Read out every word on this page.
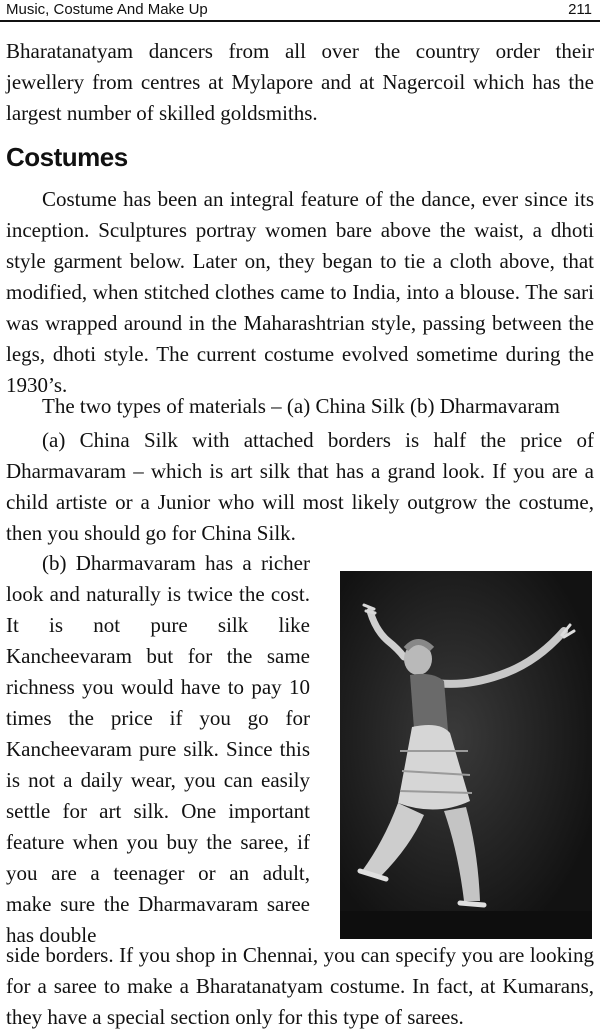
Music, Costume And Make Up	211

Bharatanatyam dancers from all over the country order their jewellery from centres at Mylapore and at Nagercoil which has the largest number of skilled goldsmiths.

Costumes

Costume has been an integral feature of the dance, ever since its inception. Sculptures portray women bare above the waist, a dhoti style garment below. Later on, they began to tie a cloth above, that modified, when stitched clothes came to India, into a blouse. The sari was wrapped around in the Maharashtrian style, passing between the legs, dhoti style. The current costume evolved sometime during the 1930’s.

The two types of materials – (a) China Silk (b) Dharmavaram

(a) China Silk with attached borders is half the price of Dharmavaram – which is art silk that has a grand look. If you are a child artiste or a Junior who will most likely outgrow the costume, then you should go for China Silk.

(b) Dharmavaram has a richer look and naturally is twice the cost. It is not pure silk like Kancheevaram but for the same richness you would have to pay 10 times the price if you go for Kancheevaram pure silk. Since this is not a daily wear, you can easily settle for art silk. One important feature when you buy the saree, if you are a teenager or an adult, make sure the Dharmavaram saree has double

side borders. If you shop in Chennai, you can specify you are looking for a saree to make a Bharatanatyam costume. In fact, at Kumarans, they have a special section only for this type of sarees.
